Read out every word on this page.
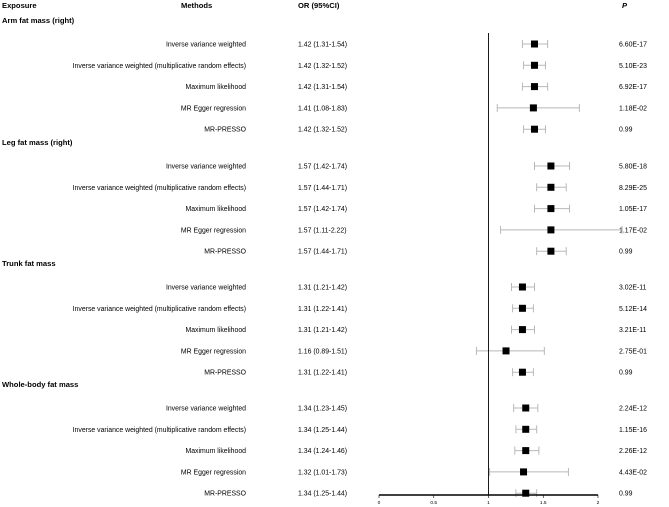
Exposure	Methods	OR (95%CI)	P
Arm fat mass (right)
Inverse variance weighted	1.42 (1.31-1.54)	6.60E-17
Inverse variance weighted (multiplicative random effects)	1.42 (1.32-1.52)	5.10E-23
Maximum likelihood	1.42 (1.31-1.54)	6.92E-17
MR Egger regression	1.41 (1.08-1.83)	1.18E-02
MR-PRESSO	1.42 (1.32-1.52)	0.99
Leg fat mass (right)
Inverse variance weighted	1.57 (1.42-1.74)	5.80E-18
Inverse variance weighted (multiplicative random effects)	1.57 (1.44-1.71)	8.29E-25
Maximum likelihood	1.57 (1.42-1.74)	1.05E-17
MR Egger regression	1.57 (1.11-2.22)	1.17E-02
MR-PRESSO	1.57 (1.44-1.71)	0.99
Trunk fat mass
Inverse variance weighted	1.31 (1.21-1.42)	3.02E-11
Inverse variance weighted (multiplicative random effects)	1.31 (1.22-1.41)	5.12E-14
Maximum likelihood	1.31 (1.21-1.42)	3.21E-11
MR Egger regression	1.16 (0.89-1.51)	2.75E-01
MR-PRESSO	1.31 (1.22-1.41)	0.99
Whole-body fat mass
Inverse variance weighted	1.34 (1.23-1.45)	2.24E-12
Inverse variance weighted (multiplicative random effects)	1.34 (1.25-1.44)	1.15E-16
Maximum likelihood	1.34 (1.24-1.46)	2.26E-12
MR Egger regression	1.32 (1.01-1.73)	4.43E-02
MR-PRESSO	1.34 (1.25-1.44)	0.99
0	0.5	1	1.5	2
